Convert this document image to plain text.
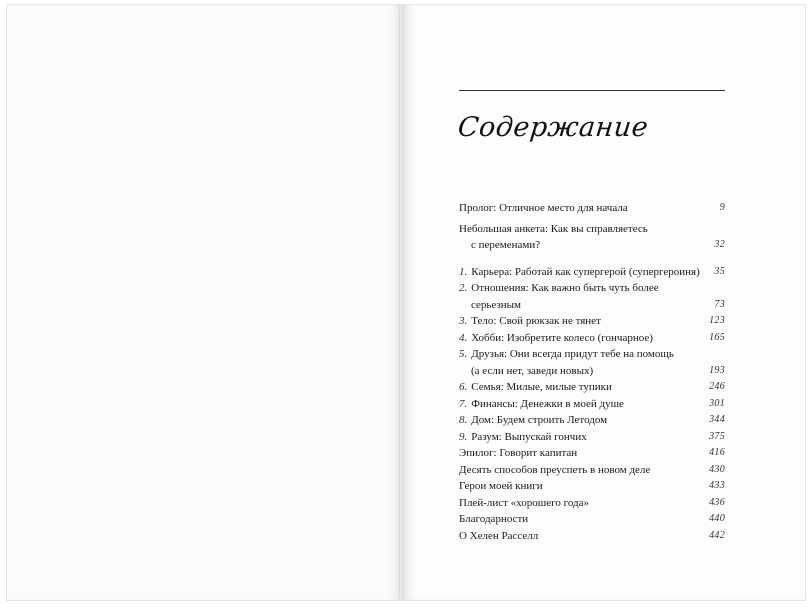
Содержание
Пролог: Отличное место для начала	9
Небольшая анкета: Как вы справляетесь
с переменами?	32
1. Карьера: Работай как супергерой (супергероиня)	35
2. Отношения: Как важно быть чуть более
серьезным	73
3. Тело: Свой рюкзак не тянет	123
4. Хобби: Изобретите колесо (гончарное)	165
5. Друзья: Они всегда придут тебе на помощь
(а если нет, заведи новых)	193
6. Семья: Милые, милые тупики	246
7. Финансы: Денежки в моей душе	301
8. Дом: Будем строить Летодом	344
9. Разум: Выпускай гончих	375
Эпилог: Говорит капитан	416
Десять способов преуспеть в новом деле	430
Герои моей книги	433
Плей-лист «хорошего года»	436
Благодарности	440
О Хелен Расселл	442
